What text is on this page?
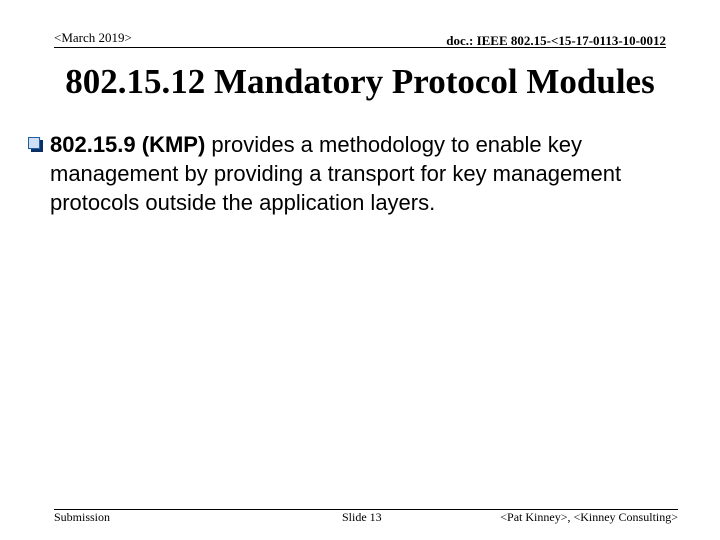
<March 2019>	doc.: IEEE 802.15-<15-17-0113-10-0012
802.15.12 Mandatory Protocol Modules
802.15.9 (KMP) provides a methodology to enable key management by providing a transport for key management protocols outside the application layers.
Submission	Slide 13	<Pat Kinney>, <Kinney Consulting>
